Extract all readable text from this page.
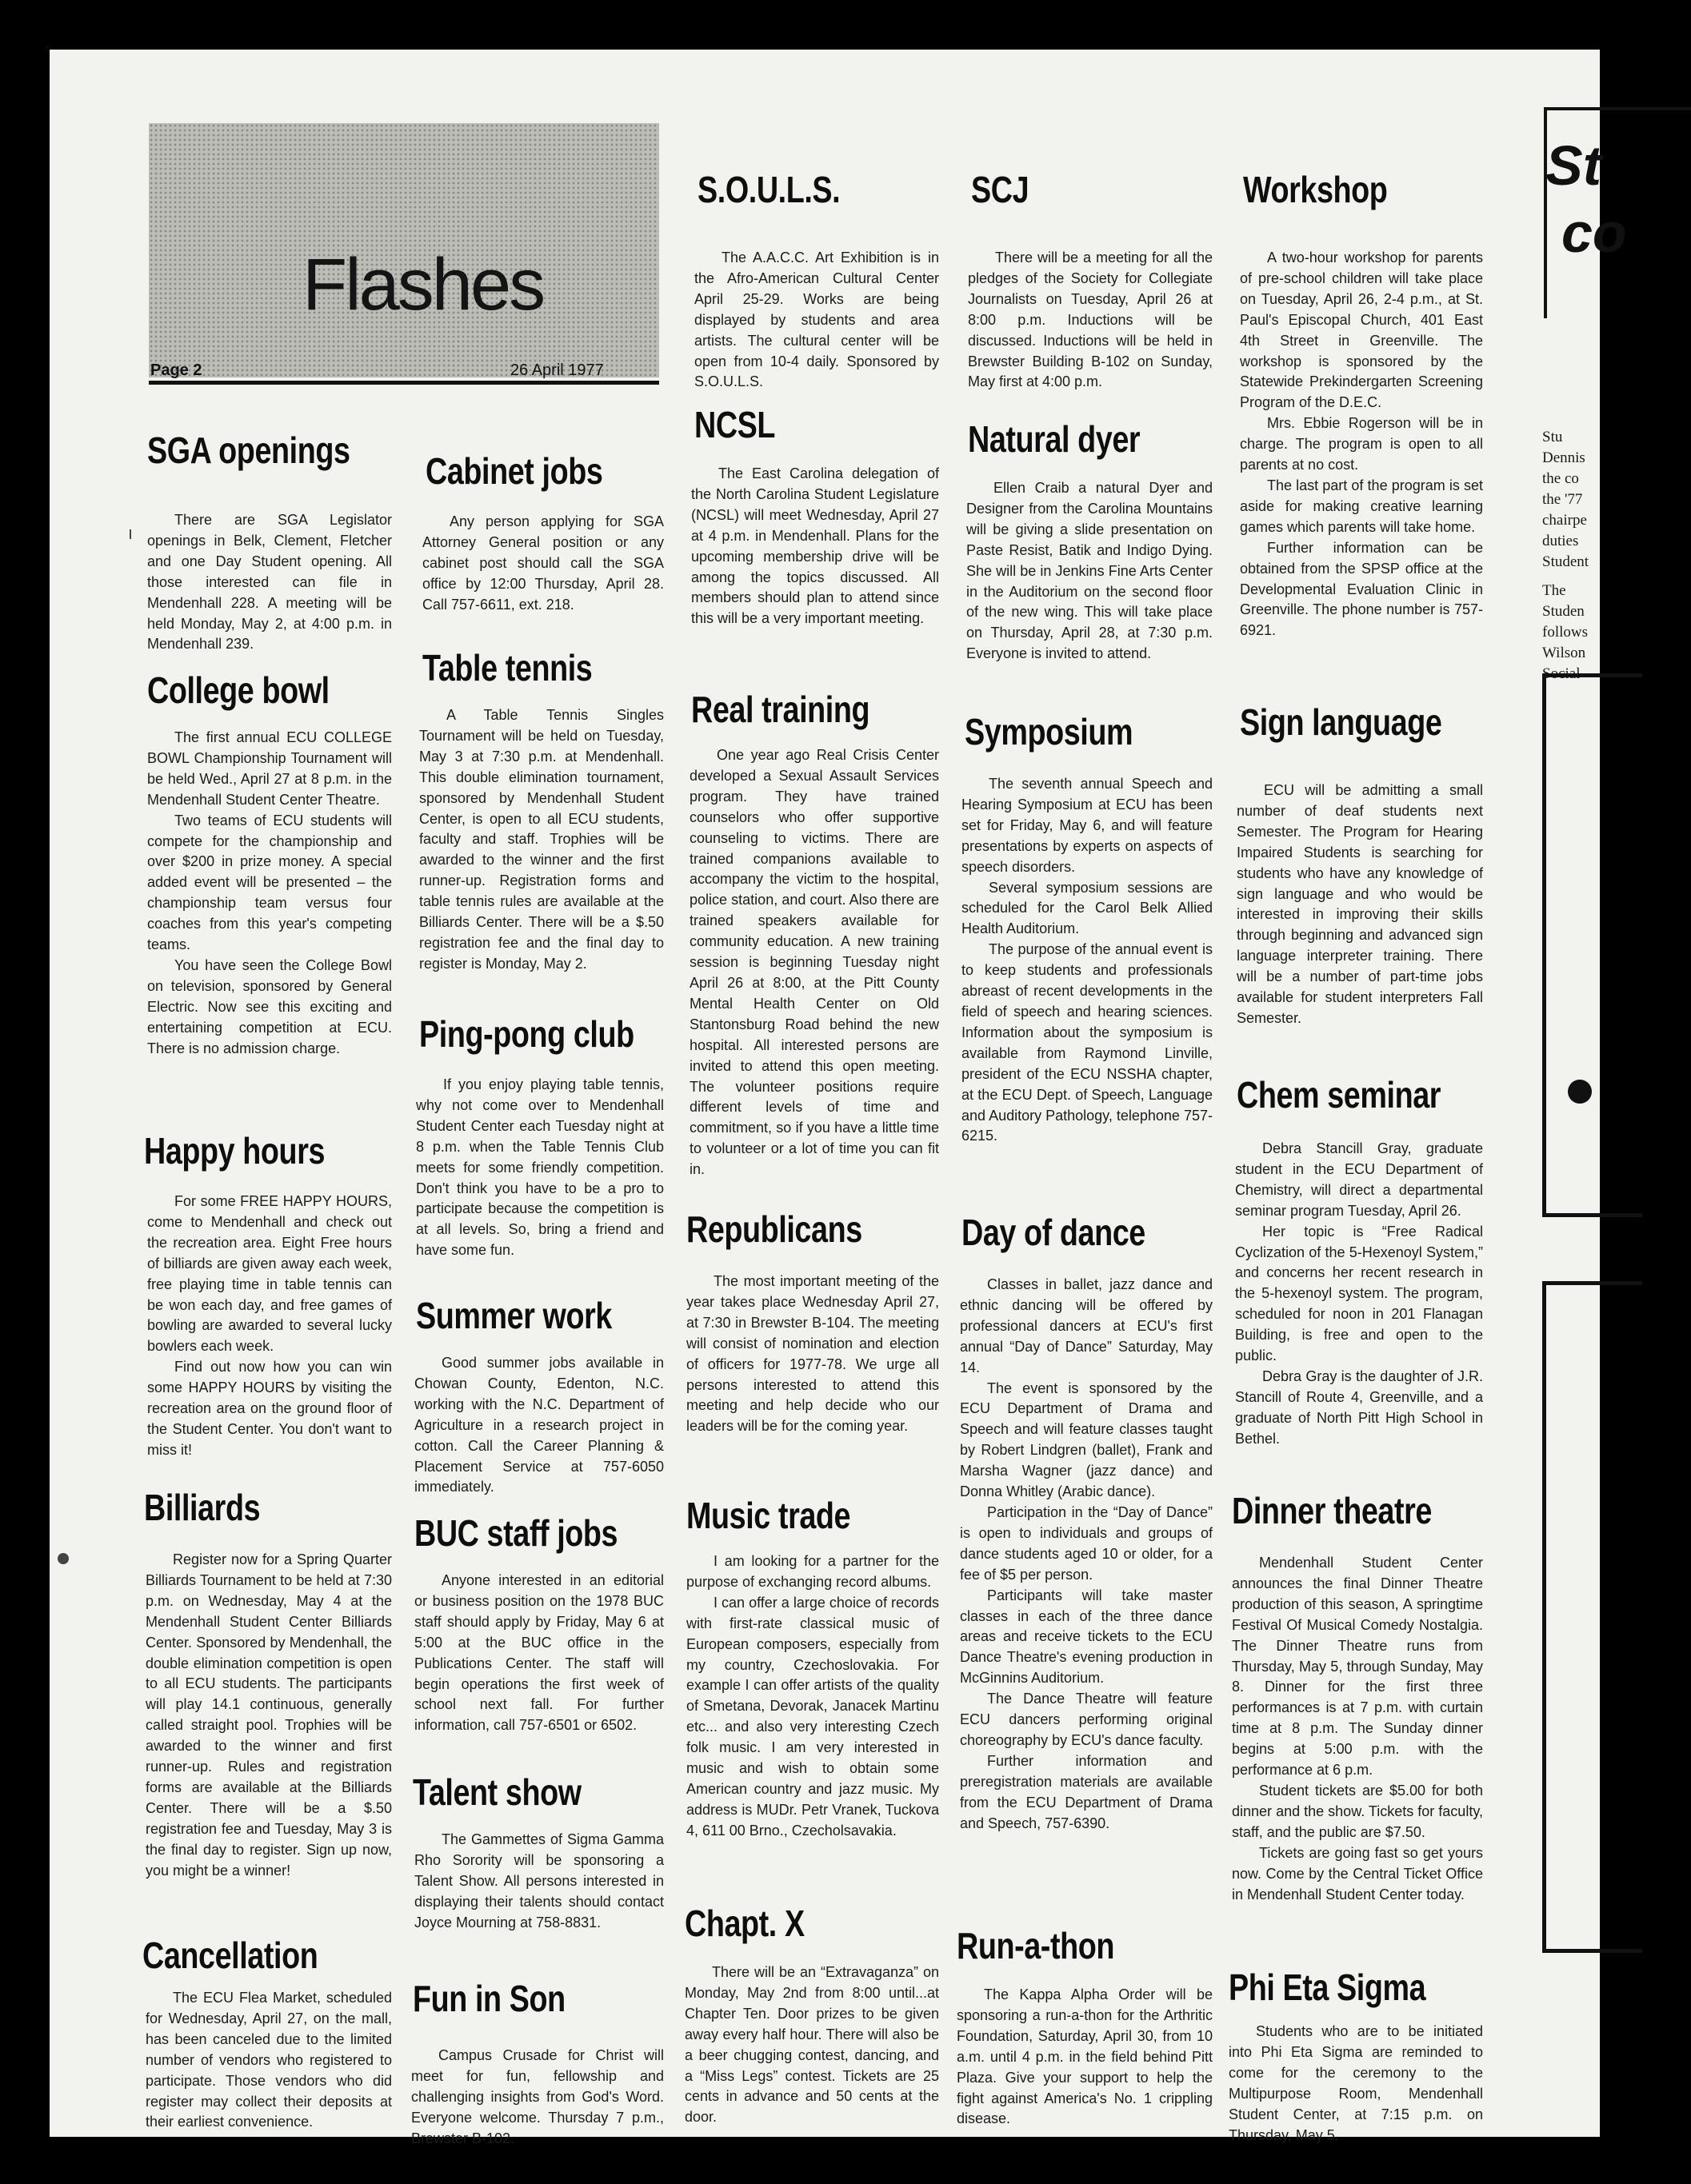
Flashes
Page 2	26 April 1977
SGA openings

There are SGA Legislator openings in Belk, Clement, Fletcher and one Day Student opening. All those interested can file in Mendenhall 228. A meeting will be held Monday, May 2, at 4:00 p.m. in Mendenhall 239.

College bowl

The first annual ECU COLLEGE BOWL Championship Tournament will be held Wed., April 27 at 8 p.m. in the Mendenhall Student Center Theatre.

Two teams of ECU students will compete for the championship and over $200 in prize money. A special added event will be presented – the championship team versus four coaches from this year's competing teams.

You have seen the College Bowl on television, sponsored by General Electric. Now see this exciting and entertaining competition at ECU. There is no admission charge.

Happy hours

For some FREE HAPPY HOURS, come to Mendenhall and check out the recreation area. Eight Free hours of billiards are given away each week, free playing time in table tennis can be won each day, and free games of bowling are awarded to several lucky bowlers each week.

Find out now how you can win some HAPPY HOURS by visiting the recreation area on the ground floor of the Student Center. You don't want to miss it!

Billiards

Register now for a Spring Quarter Billiards Tournament to be held at 7:30 p.m. on Wednesday, May 4 at the Mendenhall Student Center Billiards Center. Sponsored by Mendenhall, the double elimination competition is open to all ECU students. The participants will play 14.1 continuous, generally called straight pool. Trophies will be awarded to the winner and first runner-up. Rules and registration forms are available at the Billiards Center. There will be a $.50 registration fee and Tuesday, May 3 is the final day to register. Sign up now, you might be a winner!

Cancellation

The ECU Flea Market, scheduled for Wednesday, April 27, on the mall, has been canceled due to the limited number of vendors who registered to participate. Those vendors who did register may collect their deposits at their earliest convenience.

Cabinet jobs

Any person applying for SGA Attorney General position or any cabinet post should call the SGA office by 12:00 Thursday, April 28. Call 757-6611, ext. 218.

Table tennis

A Table Tennis Singles Tournament will be held on Tuesday, May 3 at 7:30 p.m. at Mendenhall. This double elimination tournament, sponsored by Mendenhall Student Center, is open to all ECU students, faculty and staff. Trophies will be awarded to the winner and the first runner-up. Registration forms and table tennis rules are available at the Billiards Center. There will be a $.50 registration fee and the final day to register is Monday, May 2.

Ping-pong club

If you enjoy playing table tennis, why not come over to Mendenhall Student Center each Tuesday night at 8 p.m. when the Table Tennis Club meets for some friendly competition. Don't think you have to be a pro to participate because the competition is at all levels. So, bring a friend and have some fun.

Summer work

Good summer jobs available in Chowan County, Edenton, N.C. working with the N.C. Department of Agriculture in a research project in cotton. Call the Career Planning & Placement Service at 757-6050 immediately.

BUC staff jobs

Anyone interested in an editorial or business position on the 1978 BUC staff should apply by Friday, May 6 at 5:00 at the BUC office in the Publications Center. The staff will begin operations the first week of school next fall. For further information, call 757-6501 or 6502.

Talent show

The Gammettes of Sigma Gamma Rho Sorority will be sponsoring a Talent Show. All persons interested in displaying their talents should contact Joyce Mourning at 758-8831.

Fun in Son

Campus Crusade for Christ will meet for fun, fellowship and challenging insights from God's Word. Everyone welcome. Thursday 7 p.m., Brewster B-102.

S.O.U.L.S.

The A.A.C.C. Art Exhibition is in the Afro-American Cultural Center April 25-29. Works are being displayed by students and area artists. The cultural center will be open from 10-4 daily. Sponsored by S.O.U.L.S.

NCSL

The East Carolina delegation of the North Carolina Student Legislature (NCSL) will meet Wednesday, April 27 at 4 p.m. in Mendenhall. Plans for the upcoming membership drive will be among the topics discussed. All members should plan to attend since this will be a very important meeting.

Real training

One year ago Real Crisis Center developed a Sexual Assault Services program. They have trained counselors who offer supportive counseling to victims. There are trained companions available to accompany the victim to the hospital, police station, and court. Also there are trained speakers available for community education. A new training session is beginning Tuesday night April 26 at 8:00, at the Pitt County Mental Health Center on Old Stantonsburg Road behind the new hospital. All interested persons are invited to attend this open meeting. The volunteer positions require different levels of time and commitment, so if you have a little time to volunteer or a lot of time you can fit in.

Republicans

The most important meeting of the year takes place Wednesday April 27, at 7:30 in Brewster B-104. The meeting will consist of nomination and election of officers for 1977-78. We urge all persons interested to attend this meeting and help decide who our leaders will be for the coming year.

Music trade

I am looking for a partner for the purpose of exchanging record albums.

I can offer a large choice of records with first-rate classical music of European composers, especially from my country, Czechoslovakia. For example I can offer artists of the quality of Smetana, Devorak, Janacek Martinu etc... and also very interesting Czech folk music. I am very interested in music and wish to obtain some American country and jazz music. My address is MUDr. Petr Vranek, Tuckova 4, 611 00 Brno., Czecholsavakia.

Chapt. X

There will be an “Extravaganza” on Monday, May 2nd from 8:00 until...at Chapter Ten. Door prizes to be given away every half hour. There will also be a beer chugging contest, dancing, and a “Miss Legs” contest. Tickets are 25 cents in advance and 50 cents at the door.

SCJ

There will be a meeting for all the pledges of the Society for Collegiate Journalists on Tuesday, April 26 at 8:00 p.m. Inductions will be discussed. Inductions will be held in Brewster Building B-102 on Sunday, May first at 4:00 p.m.

Natural dyer

Ellen Craib a natural Dyer and Designer from the Carolina Mountains will be giving a slide presentation on Paste Resist, Batik and Indigo Dying. She will be in Jenkins Fine Arts Center in the Auditorium on the second floor of the new wing. This will take place on Thursday, April 28, at 7:30 p.m. Everyone is invited to attend.

Symposium

The seventh annual Speech and Hearing Symposium at ECU has been set for Friday, May 6, and will feature presentations by experts on aspects of speech disorders.

Several symposium sessions are scheduled for the Carol Belk Allied Health Auditorium.

The purpose of the annual event is to keep students and professionals abreast of recent developments in the field of speech and hearing sciences. Information about the symposium is available from Raymond Linville, president of the ECU NSSHA chapter, at the ECU Dept. of Speech, Language and Auditory Pathology, telephone 757-6215.

Day of dance

Classes in ballet, jazz dance and ethnic dancing will be offered by professional dancers at ECU's first annual “Day of Dance” Saturday, May 14.

The event is sponsored by the ECU Department of Drama and Speech and will feature classes taught by Robert Lindgren (ballet), Frank and Marsha Wagner (jazz dance) and Donna Whitley (Arabic dance).

Participation in the “Day of Dance” is open to individuals and groups of dance students aged 10 or older, for a fee of $5 per person.

Participants will take master classes in each of the three dance areas and receive tickets to the ECU Dance Theatre's evening production in McGinnins Auditorium.

The Dance Theatre will feature ECU dancers performing original choreography by ECU's dance faculty.

Further information and preregistration materials are available from the ECU Department of Drama and Speech, 757-6390.

Run-a-thon

The Kappa Alpha Order will be sponsoring a run-a-thon for the Arthritic Foundation, Saturday, April 30, from 10 a.m. until 4 p.m. in the field behind Pitt Plaza. Give your support to help the fight against America's No. 1 crippling disease.

Workshop

A two-hour workshop for parents of pre-school children will take place on Tuesday, April 26, 2-4 p.m., at St. Paul's Episcopal Church, 401 East 4th Street in Greenville. The workshop is sponsored by the Statewide Prekindergarten Screening Program of the D.E.C.

Mrs. Ebbie Rogerson will be in charge. The program is open to all parents at no cost.

The last part of the program is set aside for making creative learning games which parents will take home.

Further information can be obtained from the SPSP office at the Developmental Evaluation Clinic in Greenville. The phone number is 757-6921.

Sign language

ECU will be admitting a small number of deaf students next Semester. The Program for Hearing Impaired Students is searching for students who have any knowledge of sign language and who would be interested in improving their skills through beginning and advanced sign language interpreter training. There will be a number of part-time jobs available for student interpreters Fall Semester.

Chem seminar

Debra Stancill Gray, graduate student in the ECU Department of Chemistry, will direct a departmental seminar program Tuesday, April 26.

Her topic is “Free Radical Cyclization of the 5-Hexenoyl System,” and concerns her recent research in the 5-hexenoyl system. The program, scheduled for noon in 201 Flanagan Building, is free and open to the public.

Debra Gray is the daughter of J.R. Stancill of Route 4, Greenville, and a graduate of North Pitt High School in Bethel.

Dinner theatre

Mendenhall Student Center announces the final Dinner Theatre production of this season, A springtime Festival Of Musical Comedy Nostalgia. The Dinner Theatre runs from Thursday, May 5, through Sunday, May 8. Dinner for the first three performances is at 7 p.m. with curtain time at 8 p.m. The Sunday dinner begins at 5:00 p.m. with the performance at 6 p.m.

Student tickets are $5.00 for both dinner and the show. Tickets for faculty, staff, and the public are $7.50.

Tickets are going fast so get yours now. Come by the Central Ticket Office in Mendenhall Student Center today.

Phi Eta Sigma

Students who are to be initiated into Phi Eta Sigma are reminded to come for the ceremony to the Multipurpose Room, Mendenhall Student Center, at 7:15 p.m. on Thursday, May 5.

St
co
Stu
Dennis
the co
the '77
chairpe
duties
Student
The
Studen
follows
Wilson
Social
